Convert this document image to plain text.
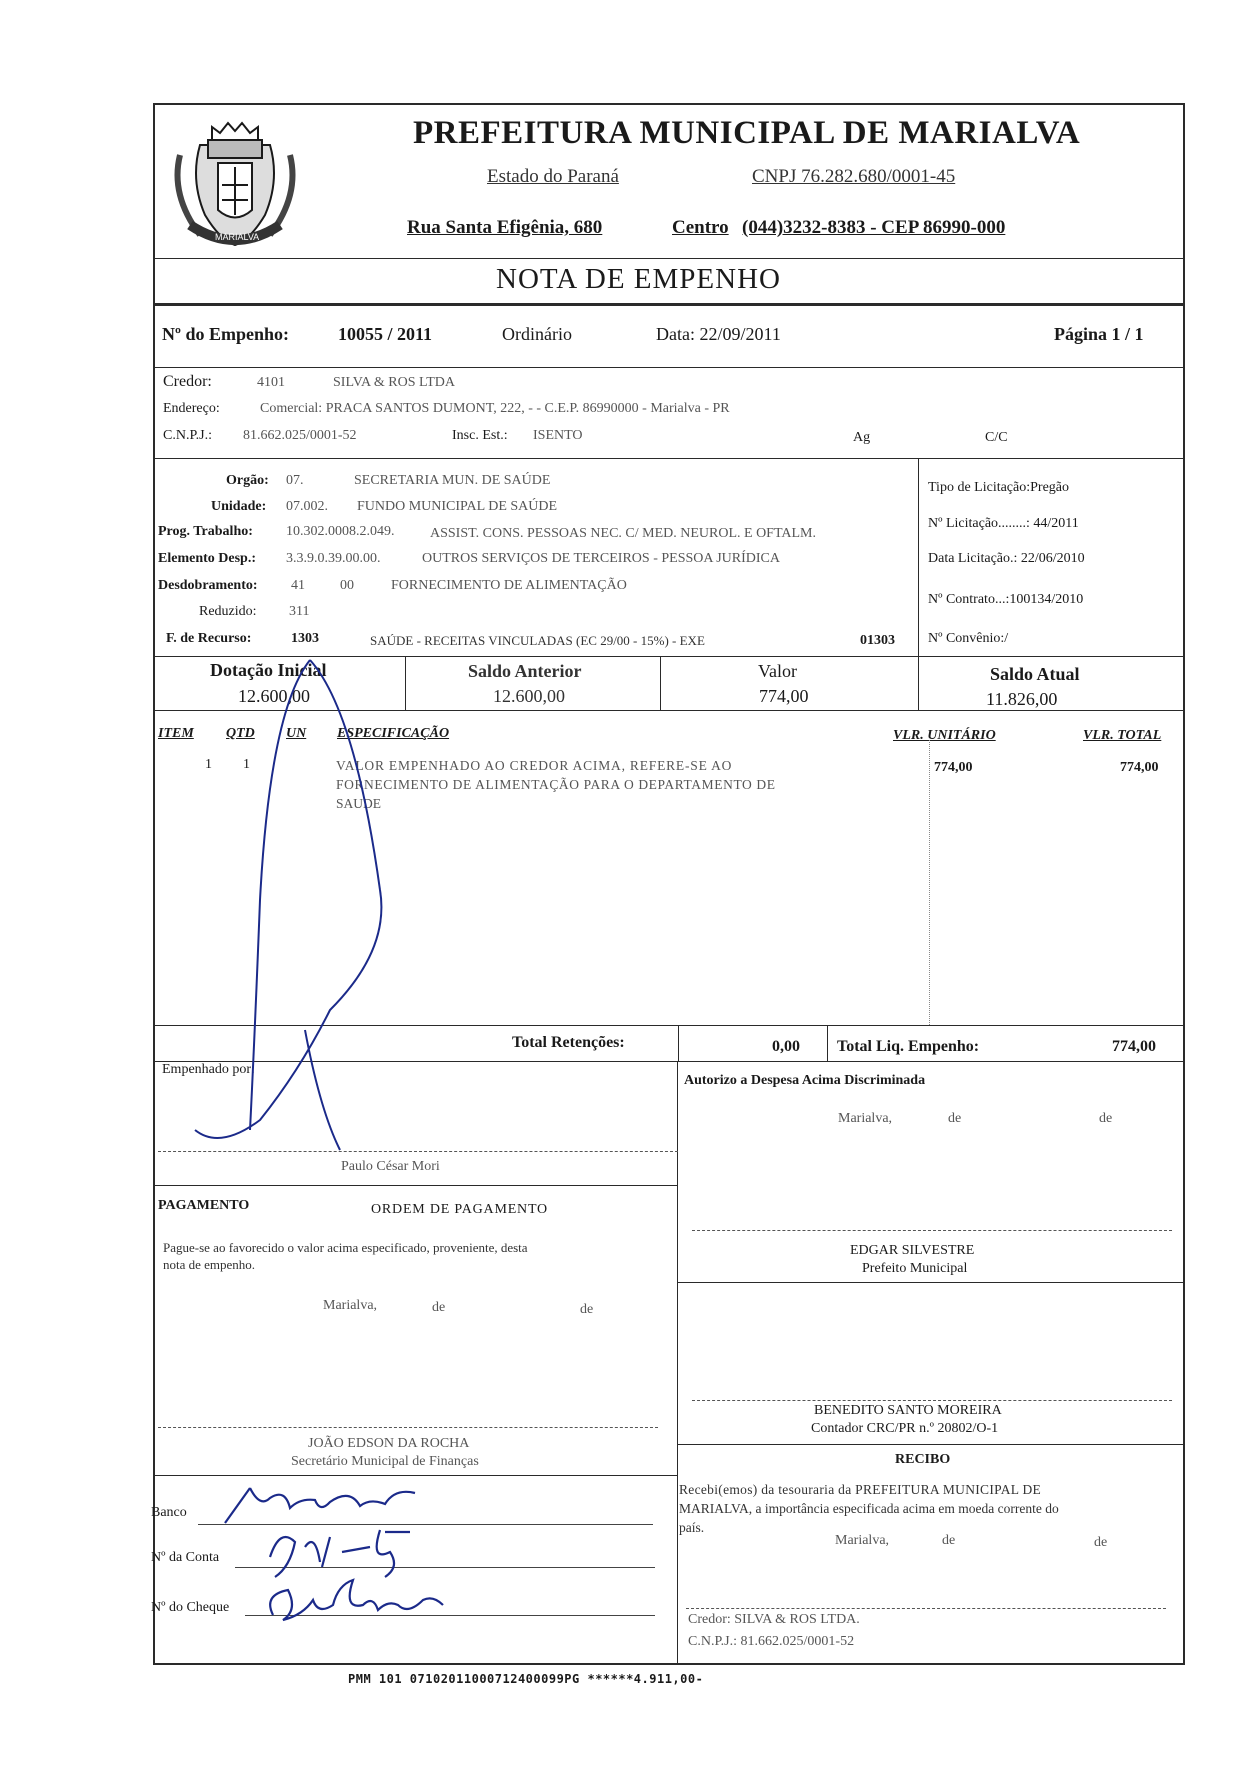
MARIALVA
PREFEITURA MUNICIPAL DE MARIALVA
Estado do Paraná	CNPJ 76.282.680/0001-45
Rua Santa Efigênia, 680	Centro (044)3232-8383 - CEP 86990-000
NOTA DE EMPENHO
Nº do Empenho:	10055 / 2011	Ordinário	Data: 22/09/2011	Página 1 / 1
Credor:	4101	SILVA & ROS LTDA
Endereço:	Comercial: PRACA SANTOS DUMONT, 222, - - C.E.P. 86990000 - Marialva - PR
C.N.P.J.: 81.662.025/0001-52	Insc. Est.: ISENTO	Ag	C/C
Orgão: 07.	SECRETARIA MUN. DE SAÚDE
Unidade: 07.002. FUNDO MUNICIPAL DE SAÚDE
Prog. Trabalho: 10.302.0008.2.049.	ASSIST. CONS. PESSOAS NEC. C/ MED. NEUROL. E OFTALM.
Elemento Desp.: 3.3.9.0.39.00.00.	OUTROS SERVIÇOS DE TERCEIROS - PESSOA JURÍDICA
Desdobramento: 41	00	FORNECIMENTO DE ALIMENTAÇÃO
Reduzido: 311
F. de Recurso:	1303	SAÚDE - RECEITAS VINCULADAS (EC 29/00 - 15%) - EXE	01303
Tipo de Licitação:Pregão
Nº Licitação........: 44/2011
Data Licitação.: 22/06/2010
Nº Contrato...:100134/2010
Nº Convênio:/
Dotação Inicial
12.600,00
Saldo Anterior
12.600,00
Valor
774,00
Saldo Atual
11.826,00
ITEM QTD UN ESPECIFICAÇÃO	VLR. UNITÁRIO	VLR. TOTAL
1 1	VALOR EMPENHADO AO CREDOR ACIMA, REFERE-SE AO
FORNECIMENTO DE ALIMENTAÇÃO PARA O DEPARTAMENTO DE
SAUDE
774,00	774,00
Total Retenções:	0,00 Total Liq. Empenho:	774,00
Empenhado por:
Paulo César Mori
Autorizo a Despesa Acima Discriminada
Marialva,	de	de
EDGAR SILVESTRE
Prefeito Municipal
PAGAMENTO	ORDEM DE PAGAMENTO
Pague-se ao favorecido o valor acima especificado, proveniente, desta
nota de empenho.
Marialva,	de	de
JOÃO EDSON DA ROCHA
Secretário Municipal de Finanças
BENEDITO SANTO MOREIRA
Contador CRC/PR n.º 20802/O-1
RECIBO
Recebi(emos) da tesouraria da PREFEITURA MUNICIPAL DE
MARIALVA, a importância especificada acima em moeda corrente do
país.
Marialva,	de	de
Credor: SILVA & ROS LTDA.
C.N.P.J.: 81.662.025/0001-52
Banco
Nº da Conta
Nº do Cheque
PMM 101 07102011000712400099PG ******4.911,00-
